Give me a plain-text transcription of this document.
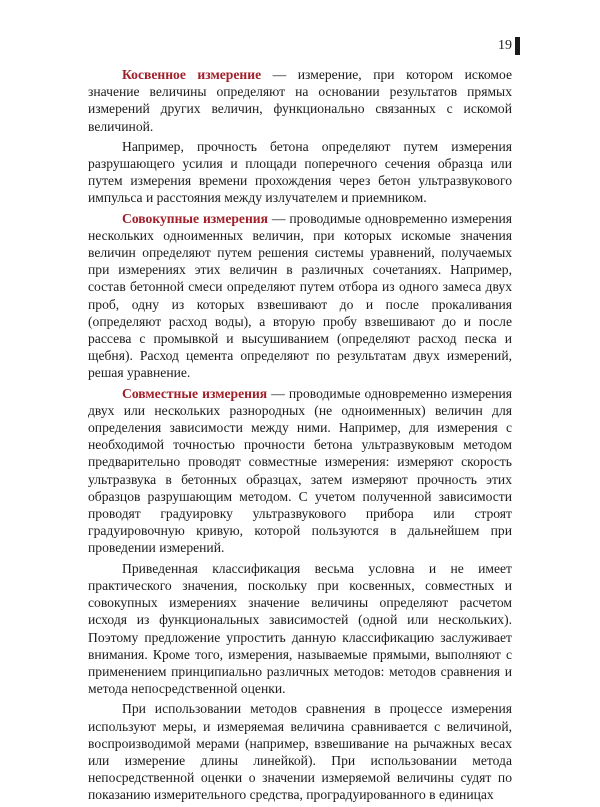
19

Косвенное измерение — измерение, при котором искомое значение величины определяют на основании результатов прямых измерений других величин, функционально связанных с искомой величиной.

Например, прочность бетона определяют путем измерения разрушающего усилия и площади поперечного сечения образца или путем измерения времени прохождения через бетон ультразвукового импульса и расстояния между излучателем и приемником.

Совокупные измерения — проводимые одновременно измерения нескольких одноименных величин, при которых искомые значения величин определяют путем решения системы уравнений, получаемых при измерениях этих величин в различных сочетаниях. Например, состав бетонной смеси определяют путем отбора из одного замеса двух проб, одну из которых взвешивают до и после прокаливания (определяют расход воды), а вторую пробу взвешивают до и после рассева с промывкой и высушиванием (определяют расход песка и щебня). Расход цемента определяют по результатам двух измерений, решая уравнение.

Совместные измерения — проводимые одновременно измерения двух или нескольких разнородных (не одноименных) величин для определения зависимости между ними. Например, для измерения с необходимой точностью прочности бетона ультразвуковым методом предварительно проводят совместные измерения: измеряют скорость ультразвука в бетонных образцах, затем измеряют прочность этих образцов разрушающим методом. С учетом полученной зависимости проводят градуировку ультразвукового прибора или строят градуировочную кривую, которой пользуются в дальнейшем при проведении измерений.

Приведенная классификация весьма условна и не имеет практического значения, поскольку при косвенных, совместных и совокупных измерениях значение величины определяют расчетом исходя из функциональных зависимостей (одной или нескольких). Поэтому предложение упростить данную классификацию заслуживает внимания. Кроме того, измерения, называемые прямыми, выполняют с применением принципиально различных методов: методов сравнения и метода непосредственной оценки.

При использовании методов сравнения в процессе измерения используют меры, и измеряемая величина сравнивается с величиной, воспроизводимой мерами (например, взвешивание на рычажных весах или измерение длины линейкой). При использовании метода непосредственной оценки о значении измеряемой величины судят по показанию измерительного средства, проградуированного в единицах
